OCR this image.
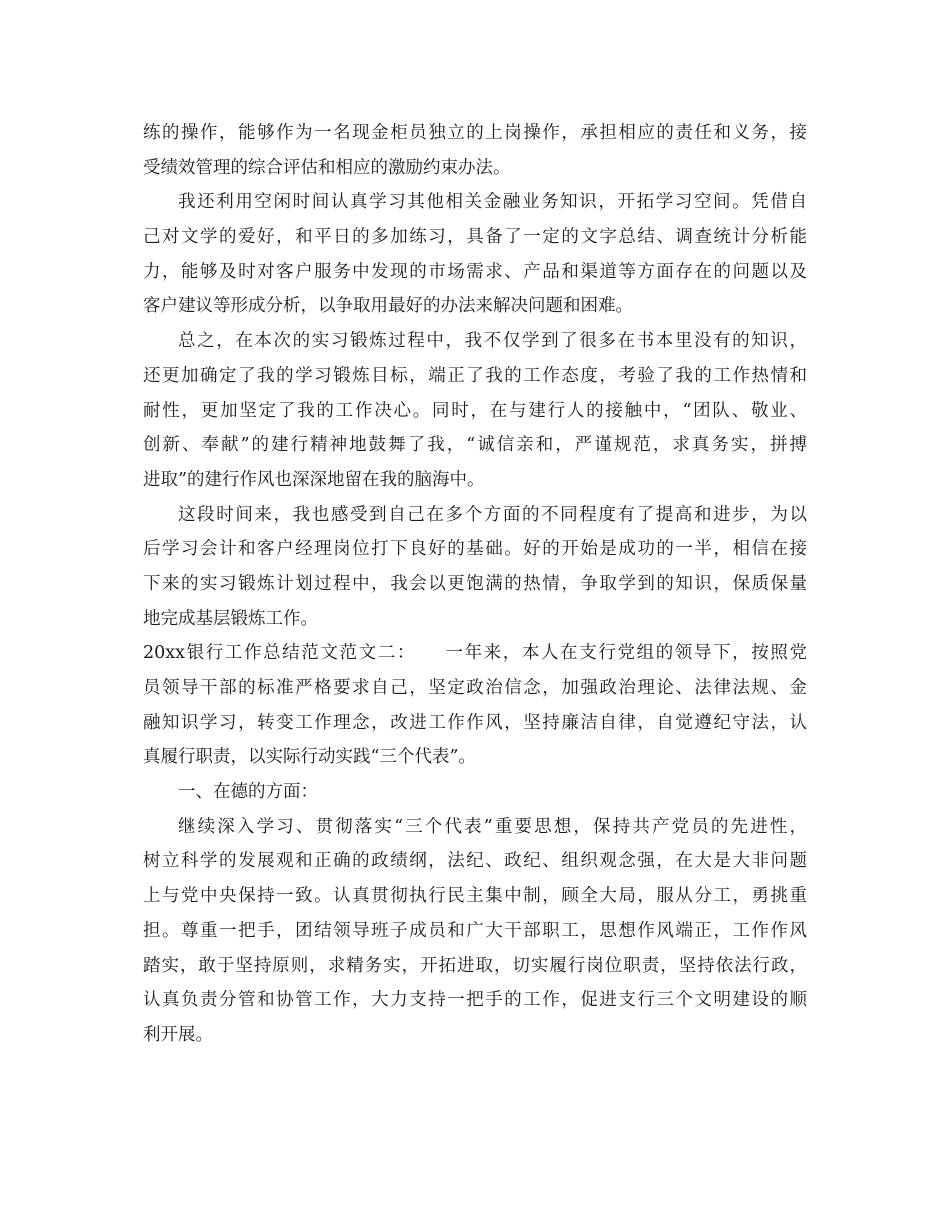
练的操作，能够作为一名现金柜员独立的上岗操作，承担相应的责任和义务，接
受绩效管理的综合评估和相应的激励约束办法。
我还利用空闲时间认真学习其他相关金融业务知识，开拓学习空间。凭借自
己对文学的爱好，和平日的多加练习，具备了一定的文字总结、调查统计分析能
力，能够及时对客户服务中发现的市场需求、产品和渠道等方面存在的问题以及
客户建议等形成分析，以争取用最好的办法来解决问题和困难。
总之，在本次的实习锻炼过程中，我不仅学到了很多在书本里没有的知识，
还更加确定了我的学习锻炼目标，端正了我的工作态度，考验了我的工作热情和
耐性，更加坚定了我的工作决心。同时，在与建行人的接触中，“团队、敬业、
创新、奉献”的建行精神地鼓舞了我，“诚信亲和，严谨规范，求真务实，拼搏
进取”的建行作风也深深地留在我的脑海中。
这段时间来，我也感受到自己在多个方面的不同程度有了提高和进步，为以
后学习会计和客户经理岗位打下良好的基础。好的开始是成功的一半，相信在接
下来的实习锻炼计划过程中，我会以更饱满的热情，争取学到的知识，保质保量
地完成基层锻炼工作。
20xx银行工作总结范文范文二：　　一年来，本人在支行党组的领导下，按照党
员领导干部的标准严格要求自己，坚定政治信念，加强政治理论、法律法规、金
融知识学习，转变工作理念，改进工作作风，坚持廉洁自律，自觉遵纪守法，认
真履行职责，以实际行动实践“三个代表”。
一、在德的方面：
继续深入学习、贯彻落实“三个代表”重要思想，保持共产党员的先进性，
树立科学的发展观和正确的政绩纲，法纪、政纪、组织观念强，在大是大非问题
上与党中央保持一致。认真贯彻执行民主集中制，顾全大局，服从分工，勇挑重
担。尊重一把手，团结领导班子成员和广大干部职工，思想作风端正，工作作风
踏实，敢于坚持原则，求精务实，开拓进取，切实履行岗位职责，坚持依法行政，
认真负责分管和协管工作，大力支持一把手的工作，促进支行三个文明建设的顺
利开展。
